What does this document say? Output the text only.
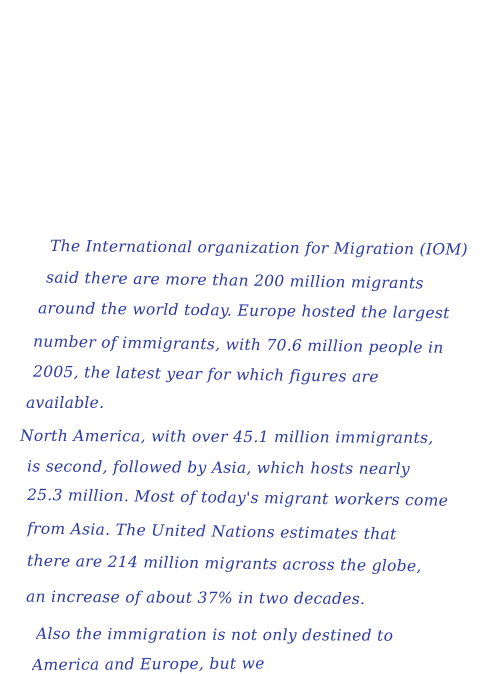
The International organization for Migration (IOM)
said there are more than 200 million migrants
around the world today. Europe hosted the largest
number of immigrants, with 70.6 million people in
2005, the latest year for which figures are
available.
North America, with over 45.1 million immigrants,
is second, followed by Asia, which hosts nearly
25.3 million. Most of today's migrant workers come
from Asia. The United Nations estimates that
there are 214 million migrants across the globe,
an increase of about 37% in two decades.
Also the immigration is not only destined to
America and Europe, but we
